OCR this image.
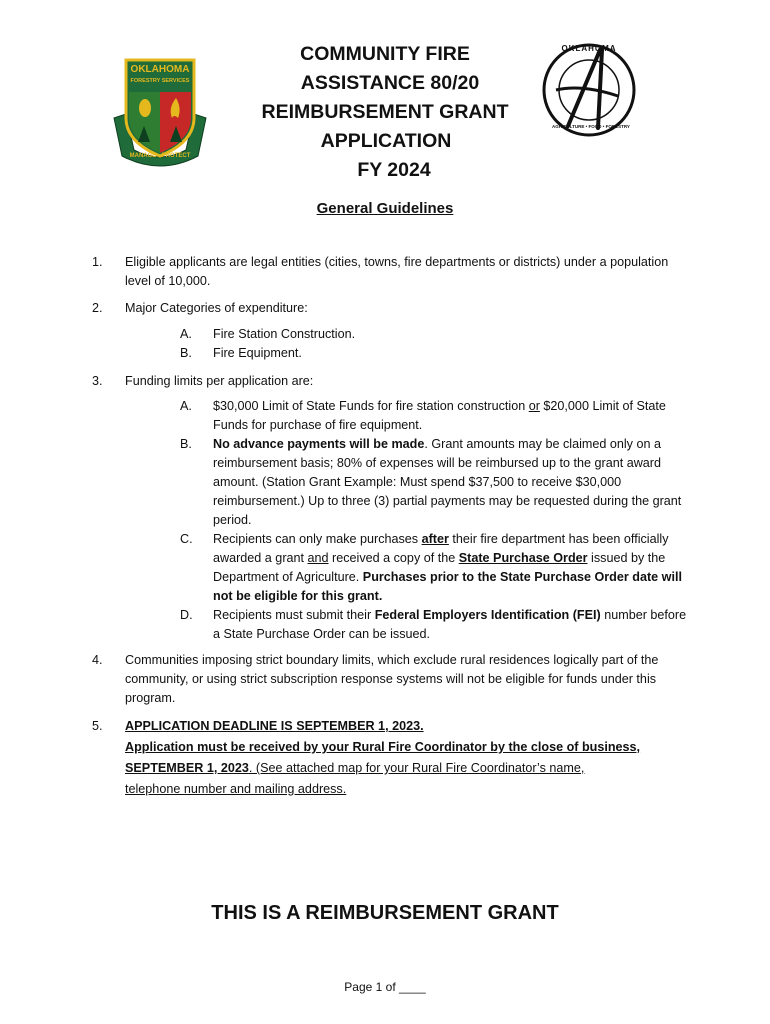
OKLAHOMA
FORESTRY SERVICES
MANAGE • PROTECT
COMMUNITY FIRE
ASSISTANCE 80/20
REIMBURSEMENT GRANT
APPLICATION
FY 2024
OKLAHOMA
AGRICULTURE • FOOD • FORESTRY
General Guidelines
1.	Eligible applicants are legal entities (cities, towns, fire departments or districts) under a population level of 10,000.
2.	Major Categories of expenditure:
A.	Fire Station Construction.
B.	Fire Equipment.
3.	Funding limits per application are:
A.	$30,000 Limit of State Funds for fire station construction or $20,000 Limit of State Funds for purchase of fire equipment.
B.	No advance payments will be made. Grant amounts may be claimed only on a reimbursement basis; 80% of expenses will be reimbursed up to the grant award amount. (Station Grant Example: Must spend $37,500 to receive $30,000 reimbursement.) Up to three (3) partial payments may be requested during the grant period.
C.	Recipients can only make purchases after their fire department has been officially awarded a grant and received a copy of the State Purchase Order issued by the Department of Agriculture. Purchases prior to the State Purchase Order date will not be eligible for this grant.
D.	Recipients must submit their Federal Employers Identification (FEI) number before a State Purchase Order can be issued.
4.	Communities imposing strict boundary limits, which exclude rural residences logically part of the community, or using strict subscription response systems will not be eligible for funds under this program.
5.	APPLICATION DEADLINE IS SEPTEMBER 1, 2023.
Application must be received by your Rural Fire Coordinator by the close of business,
SEPTEMBER 1, 2023. (See attached map for your Rural Fire Coordinator’s name,
telephone number and mailing address.
THIS IS A REIMBURSEMENT GRANT
Page 1 of ____
